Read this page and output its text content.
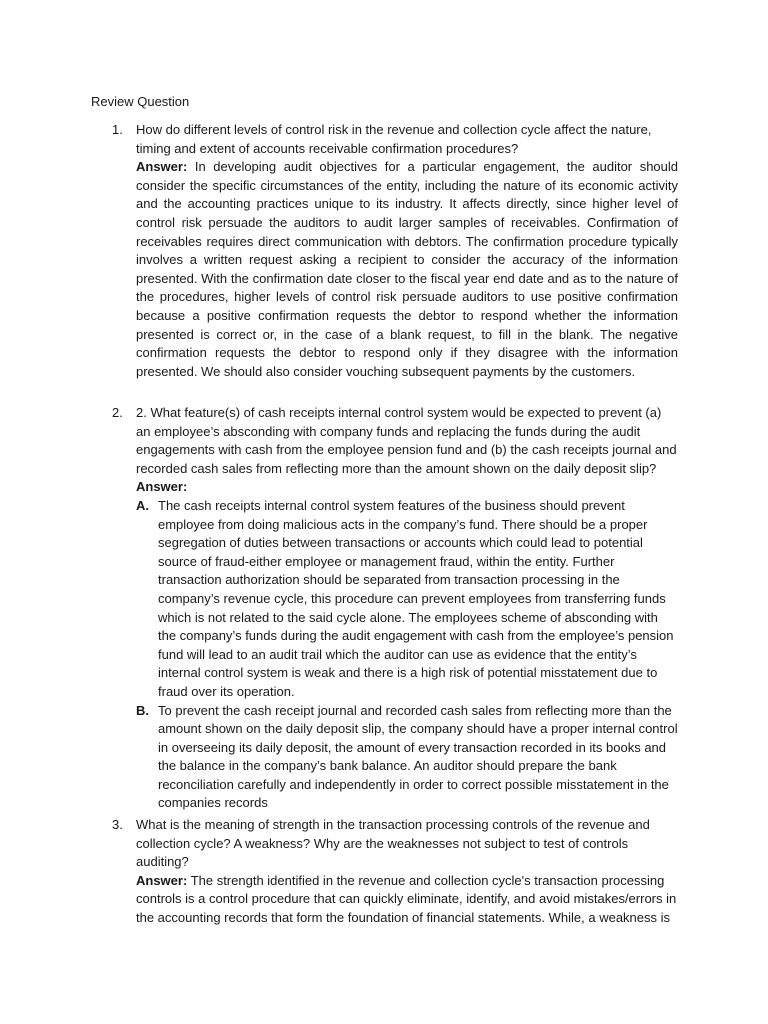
Review Question
1.	How do different levels of control risk in the revenue and collection cycle affect the nature, timing and extent of accounts receivable confirmation procedures?

Answer: In developing audit objectives for a particular engagement, the auditor should consider the specific circumstances of the entity, including the nature of its economic activity and the accounting practices unique to its industry. It affects directly, since higher level of control risk persuade the auditors to audit larger samples of receivables. Confirmation of receivables requires direct communication with debtors. The confirmation procedure typically involves a written request asking a recipient to consider the accuracy of the information presented. With the confirmation date closer to the fiscal year end date and as to the nature of the procedures, higher levels of control risk persuade auditors to use positive confirmation because a positive confirmation requests the debtor to respond whether the information presented is correct or, in the case of a blank request, to fill in the blank. The negative confirmation requests the debtor to respond only if they disagree with the information presented. We should also consider vouching subsequent payments by the customers.

2.	2. What feature(s) of cash receipts internal control system would be expected to prevent (a) an employee’s absconding with company funds and replacing the funds during the audit engagements with cash from the employee pension fund and (b) the cash receipts journal and recorded cash sales from reflecting more than the amount shown on the daily deposit slip?

Answer:

A. The cash receipts internal control system features of the business should prevent employee from doing malicious acts in the company’s fund. There should be a proper segregation of duties between transactions or accounts which could lead to potential source of fraud-either employee or management fraud, within the entity. Further transaction authorization should be separated from transaction processing in the company’s revenue cycle, this procedure can prevent employees from transferring funds which is not related to the said cycle alone. The employees scheme of absconding with the company’s funds during the audit engagement with cash from the employee’s pension fund will lead to an audit trail which the auditor can use as evidence that the entity’s internal control system is weak and there is a high risk of potential misstatement due to fraud over its operation.

B. To prevent the cash receipt journal and recorded cash sales from reflecting more than the amount shown on the daily deposit slip, the company should have a proper internal control in overseeing its daily deposit, the amount of every transaction recorded in its books and the balance in the company’s bank balance. An auditor should prepare the bank reconciliation carefully and independently in order to correct possible misstatement in the companies records

3.	What is the meaning of strength in the transaction processing controls of the revenue and collection cycle? A weakness? Why are the weaknesses not subject to test of controls auditing?

Answer: The strength identified in the revenue and collection cycle's transaction processing controls is a control procedure that can quickly eliminate, identify, and avoid mistakes/errors in the accounting records that form the foundation of financial statements. While, a weakness is
